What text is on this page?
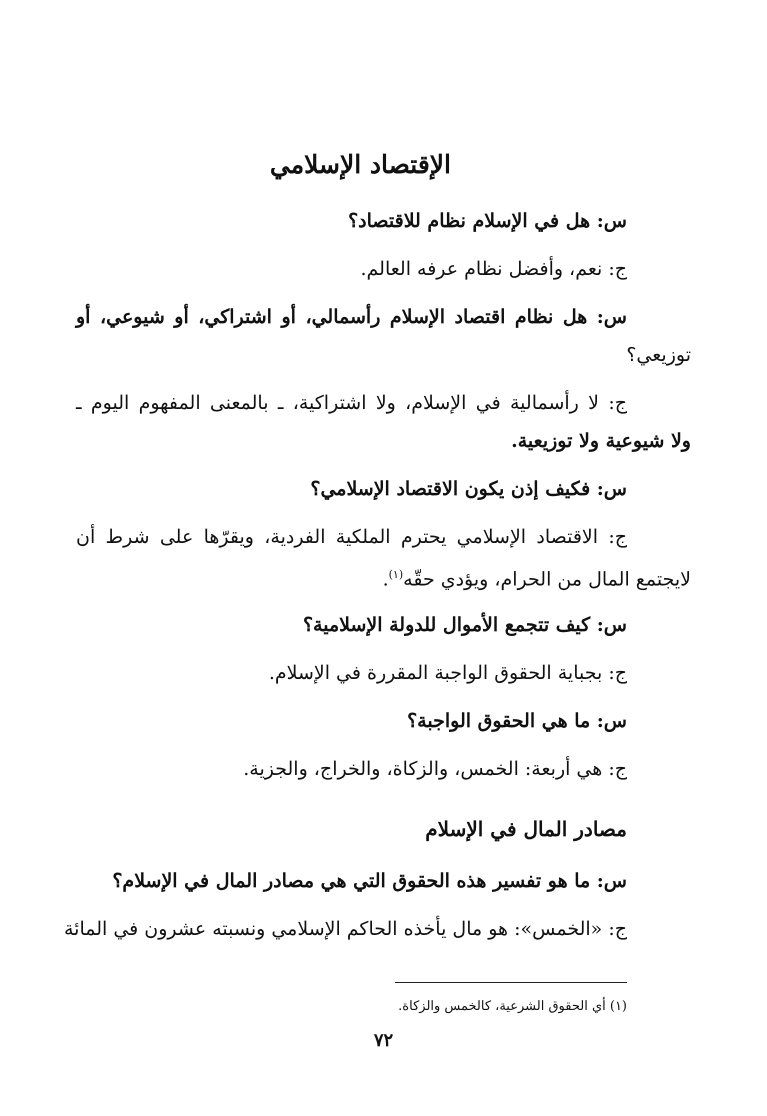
الإقتصاد الإسلامي
س: هل في الإسلام نظام للاقتصاد؟
ج: نعم، وأفضل نظام عرفه العالم.
س: هل نظام اقتصاد الإسلام رأسمالي، أو اشتراكي، أو شيوعي، أو
توزيعي؟
ج: لا رأسمالية في الإسلام، ولا اشتراكية، ـ بالمعنى المفهوم اليوم ـ
ولا شيوعية ولا توزيعية.
س: فكيف إذن يكون الاقتصاد الإسلامي؟
ج: الاقتصاد الإسلامي يحترم الملكية الفردية، ويقرّها على شرط أن
لايجتمع المال من الحرام، ويؤدي حقّه$^{(١)}$.
س: كيف تتجمع الأموال للدولة الإسلامية؟
ج: بجباية الحقوق الواجبة المقررة في الإسلام.
س: ما هي الحقوق الواجبة؟
ج: هي أربعة: الخمس، والزكاة، والخراج، والجزية.
مصادر المال في الإسلام
س: ما هو تفسير هذه الحقوق التي هي مصادر المال في الإسلام؟
ج: «الخمس»: هو مال يأخذه الحاكم الإسلامي ونسبته عشرون في المائة
(١) أي الحقوق الشرعية، كالخمس والزكاة.
٧٢
